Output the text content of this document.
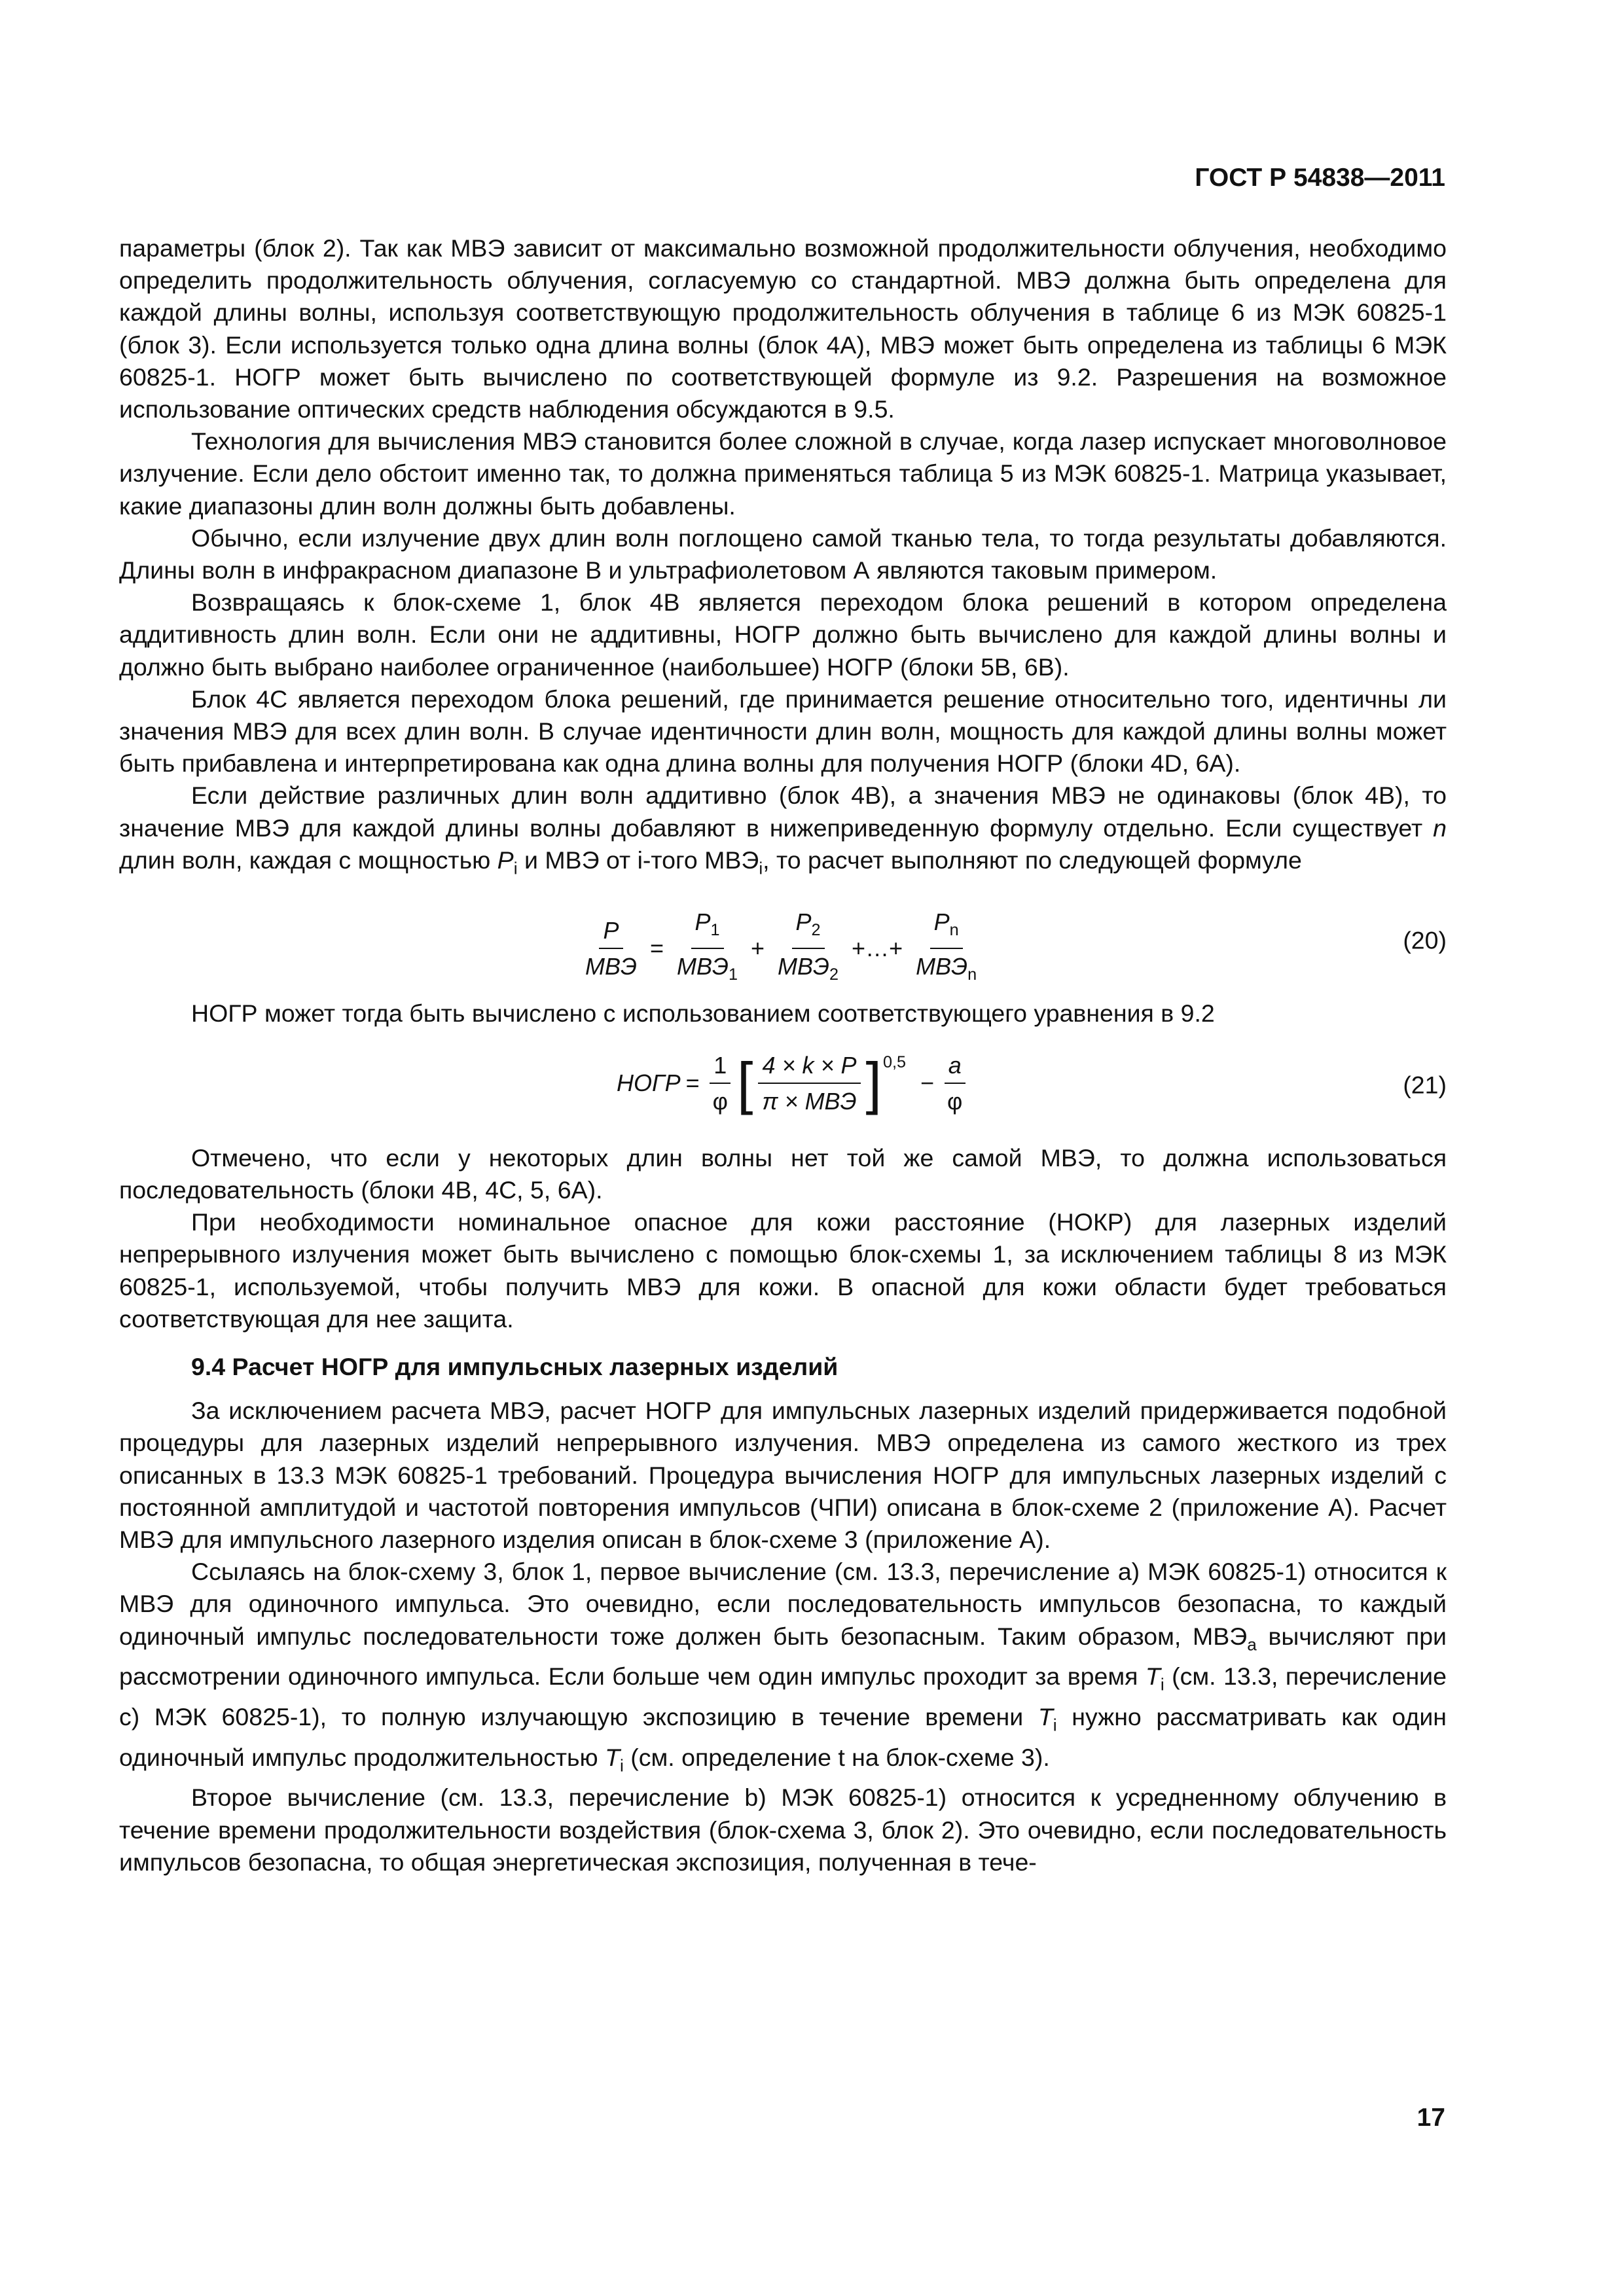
ГОСТ Р 54838—2011

параметры (блок 2). Так как МВЭ зависит от максимально возможной продолжительности облучения, необходимо определить продолжительность облучения, согласуемую со стандартной. МВЭ должна быть определена для каждой длины волны, используя соответствующую продолжительность облучения в таблице 6 из МЭК 60825-1 (блок 3). Если используется только одна длина волны (блок 4А), МВЭ может быть определена из таблицы 6 МЭК 60825-1. НОГР может быть вычислено по соответствующей формуле из 9.2. Разрешения на возможное использование оптических средств наблюдения обсуждаются в 9.5.

Технология для вычисления МВЭ становится более сложной в случае, когда лазер испускает многоволновое излучение. Если дело обстоит именно так, то должна применяться таблица 5 из МЭК 60825-1. Матрица указывает, какие диапазоны длин волн должны быть добавлены.

Обычно, если излучение двух длин волн поглощено самой тканью тела, то тогда результаты добавляются. Длины волн в инфракрасном диапазоне В и ультрафиолетовом А являются таковым примером.

Возвращаясь к блок-схеме 1, блок 4В является переходом блока решений в котором определена аддитивность длин волн. Если они не аддитивны, НОГР должно быть вычислено для каждой длины волны и должно быть выбрано наиболее ограниченное (наибольшее) НОГР (блоки 5В, 6В).

Блок 4С является переходом блока решений, где принимается решение относительно того, идентичны ли значения МВЭ для всех длин волн. В случае идентичности длин волн, мощность для каждой длины волны может быть прибавлена и интерпретирована как одна длина волны для получения НОГР (блоки 4D, 6A).

Если действие различных длин волн аддитивно (блок 4В), а значения МВЭ не одинаковы (блок 4В), то значение МВЭ для каждой длины волны добавляют в нижеприведенную формулу отдельно. Если существует n длин волн, каждая с мощностью $P_i$ и МВЭ от i-того $МВЭ_i$, то расчет выполняют по следующей формуле

$\frac{P}{\text{МВЭ}} = \frac{P_1}{МВЭ_1} + \frac{P_2}{МВЭ_2}$ +…+ $\frac{P_n}{МВЭ_n}$	(20)

НОГР может тогда быть вычислено с использованием соответствующего уравнения в 9.2

НОГР = $\frac{1}{\varphi}$ [ $\frac{4 \times k \times P}{\text{π × МВЭ}} ]^{0,5}$
− $\frac{a}{\varphi}$	(21)

Отмечено, что если у некоторых длин волны нет той же самой МВЭ, то должна использоваться последовательность (блоки 4В, 4С, 5, 6А).

При необходимости номинальное опасное для кожи расстояние (НОКР) для лазерных изделий непрерывного излучения может быть вычислено с помощью блок-схемы 1, за исключением таблицы 8 из МЭК 60825-1, используемой, чтобы получить МВЭ для кожи. В опасной для кожи области будет требоваться соответствующая для нее защита.

9.4 Расчет НОГР для импульсных лазерных изделий

За исключением расчета МВЭ, расчет НОГР для импульсных лазерных изделий придерживается подобной процедуры для лазерных изделий непрерывного излучения. МВЭ определена из самого жесткого из трех описанных в 13.3 МЭК 60825-1 требований. Процедура вычисления НОГР для импульсных лазерных изделий с постоянной амплитудой и частотой повторения импульсов (ЧПИ) описана в блок-схеме 2 (приложение А). Расчет МВЭ для импульсного лазерного изделия описан в блок-схеме 3 (приложение А).

Ссылаясь на блок-схему 3, блок 1, первое вычисление (см. 13.3, перечисление а) МЭК 60825-1) относится к МВЭ для одиночного импульса. Это очевидно, если последовательность импульсов безопасна, то каждый одиночный импульс последовательности тоже должен быть безопасным. Таким образом, $МВЭ_a$ вычисляют при рассмотрении одиночного импульса. Если больше чем один импульс проходит за время $T_i$ (см. 13.3, перечисление с) МЭК 60825-1), то полную излучающую экспозицию в течение времени $T_i$ нужно рассматривать как один одиночный импульс продолжительностью $T_i$ (см. определение t на блок-схеме 3).

Второе вычисление (см. 13.3, перечисление b) МЭК 60825-1) относится к усредненному облучению в течение времени продолжительности воздействия (блок-схема 3, блок 2). Это очевидно, если последовательность импульсов безопасна, то общая энергетическая экспозиция, полученная в тече-

17
